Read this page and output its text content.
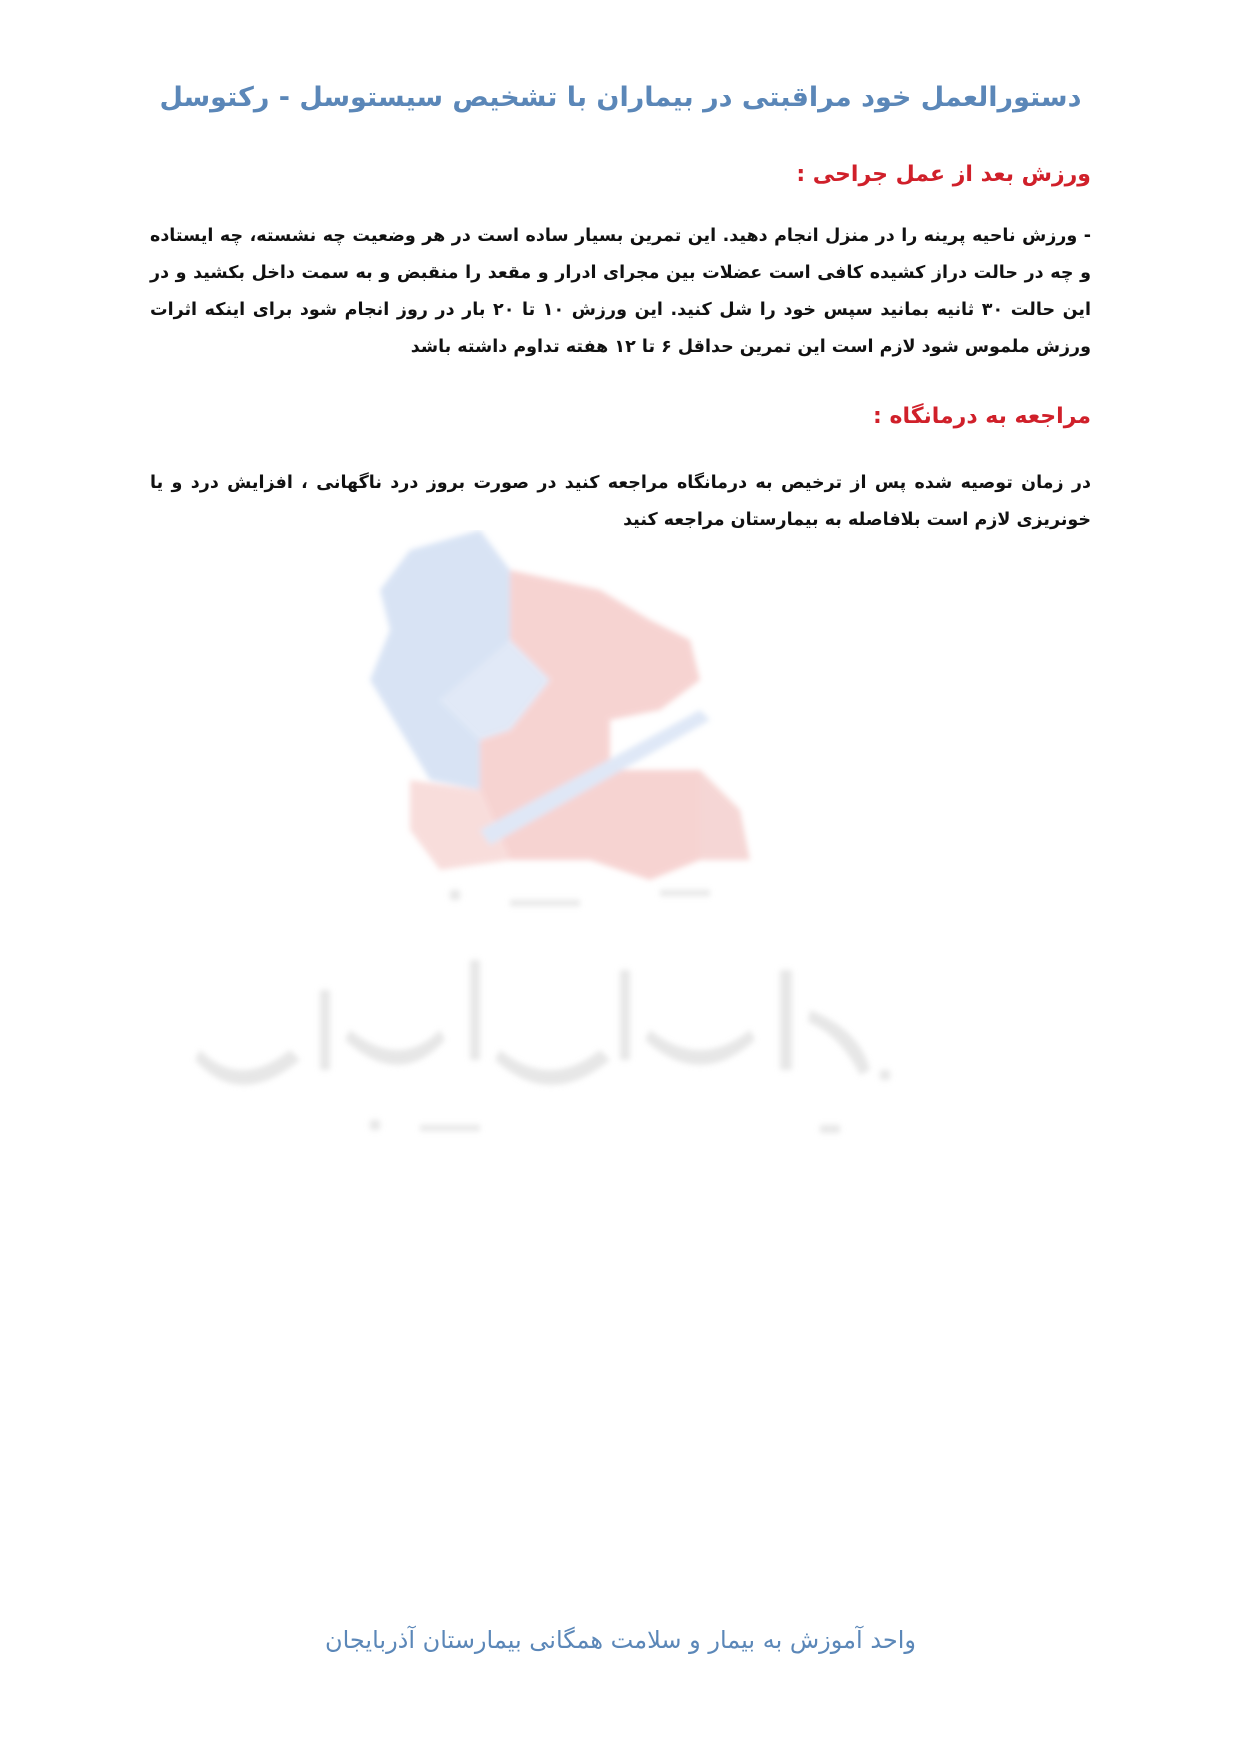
دستورالعمل خود مراقبتی در بیماران با تشخیص سیستوسل - رکتوسل
ورزش بعد از عمل جراحی :

- ورزش ناحیه پرینه را در منزل انجام دهید. این تمرین بسیار ساده است در هر وضعیت چه نشسته، چه ایستاده و چه در حالت دراز کشیده کافی است عضلات بین مجرای ادرار و مقعد را منقبض و به سمت داخل بکشید و در این حالت ۳۰ ثانیه بمانید سپس خود را شل کنید. این ورزش ۱۰ تا ۲۰ بار در روز انجام شود برای اینکه اثرات ورزش ملموس شود لازم است این تمرین حداقل ۶ تا ۱۲ هفته تداوم داشته باشد

مراجعه به درمانگاه :

در زمان توصیه شده پس از ترخیص به درمانگاه مراجعه کنید در صورت بروز درد ناگهانی ، افزایش درد و یا خونریزی لازم است بلافاصله به بیمارستان مراجعه کنید

واحد آموزش به بیمار و سلامت همگانی بیمارستان آذربایجان
